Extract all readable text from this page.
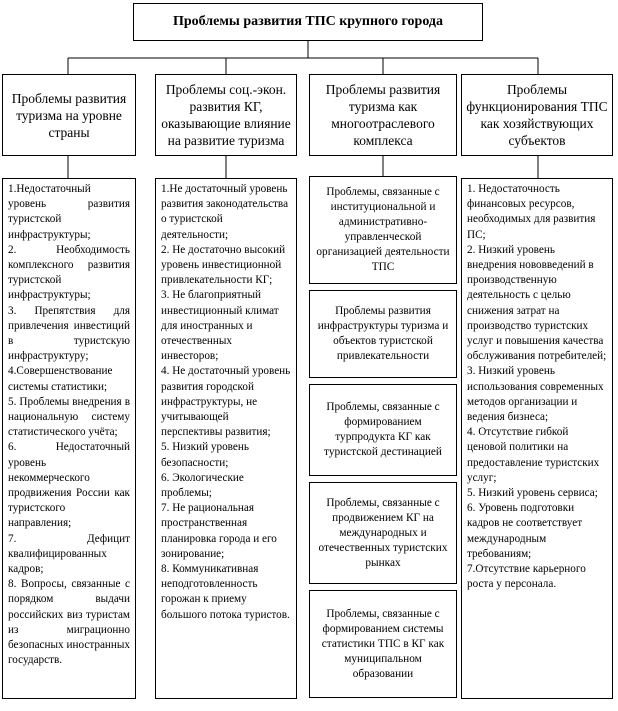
Проблемы развития ТПС крупного города
Проблемы развития туризма на уровне страны
Проблемы соц.-экон. развития КГ, оказывающие влияние на развитие туризма
Проблемы развития туризма как многоотраслевого комплекса
Проблемы функционирования ТПС как хозяйствующих субъектов

1.Недостаточный уровень развития туристской инфраструктуры;

2. Необходимость комплексного развития туристской инфраструктуры;

3. Препятствия для привлечения инвестиций в туристскую инфраструктуру;

4.Совершенствование системы статистики;

5. Проблемы внедрения в национальную систему статистического учёта;

6. Недостаточный уровень некоммерческого продвижения России как туристского направления;

7. Дефицит квалифицированных кадров;

8. Вопросы, связанные с порядком выдачи российских виз туристам из миграционно безопасных иностранных государств.

1.Не достаточный уровень развития законодательства о туристской деятельности;

2. Не достаточно высокий уровень инвестиционной привлекательности КГ;

3. Не благоприятный инвестиционный климат для иностранных и отечественных инвесторов;

4. Не достаточный уровень развития городской инфраструктуры, не учитывающей перспективы развития;

5. Низкий уровень безопасности;

6. Экологические проблемы;

7. Не рациональная пространственная планировка города и его зонирование;

8. Коммуникативная неподготовленность горожан к приему большого потока туристов.

Проблемы, связанные с институциональной и административно-управленческой организацией деятельности ТПС
Проблемы развития инфраструктуры туризма и объектов туристской привлекательности
Проблемы, связанные с формированием турпродукта КГ как туристской дестинацией
Проблемы, связанные с продвижением КГ на международных и отечественных туристских рынках
Проблемы, связанные с формированием системы статистики ТПС в КГ как муниципальном образовании

1. Недостаточность финансовых ресурсов, необходимых для развития ПС;

2. Низкий уровень внедрения нововведений в производственную деятельность с целью снижения затрат на производство туристских услуг и повышения качества обслуживания потребителей;

3. Низкий уровень использования современных методов организации и ведения бизнеса;

4. Отсутствие гибкой ценовой политики на предоставление туристских услуг;

5. Низкий уровень сервиса;

6. Уровень подготовки кадров не соответствует международным требованиям;

7.Отсутствие карьерного роста у персонала.
